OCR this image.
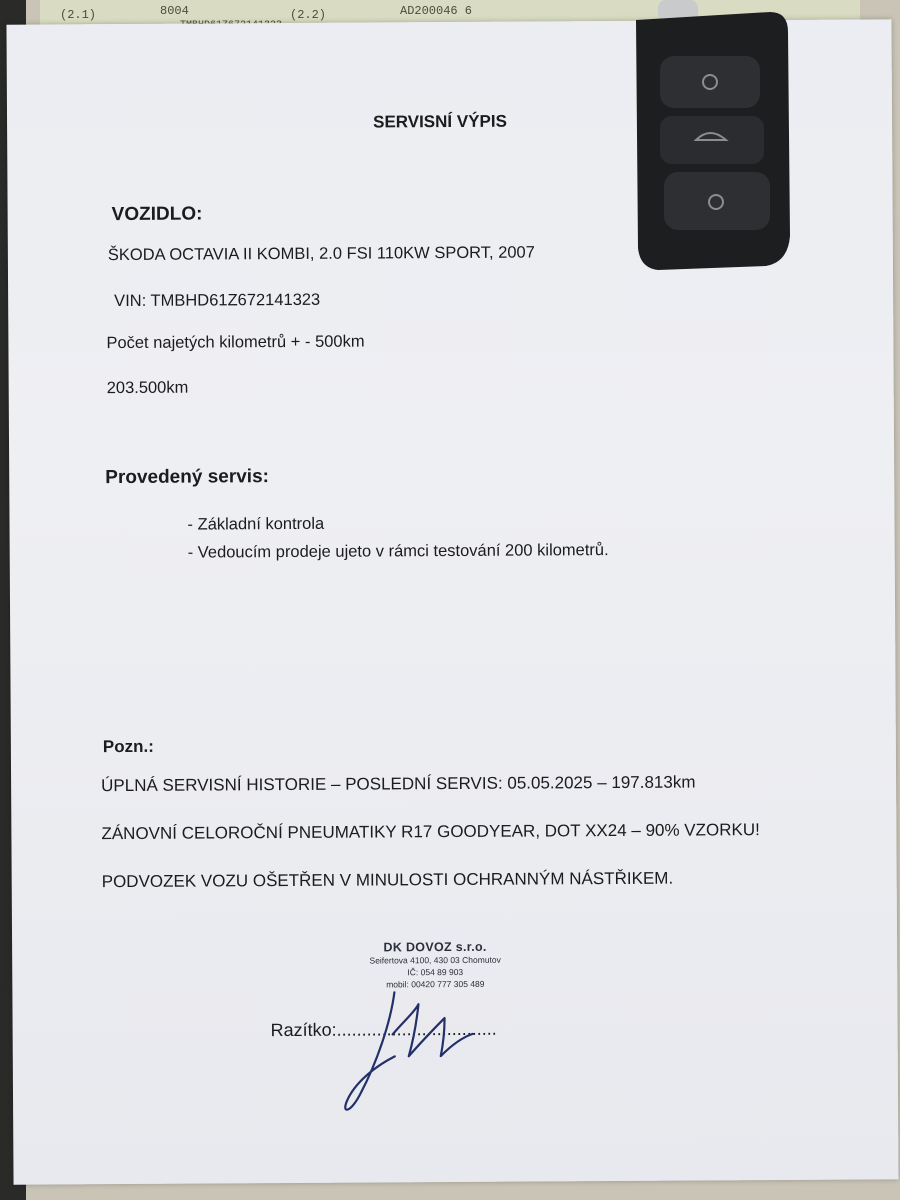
(2.1)	8004	(2.2)	AD200046 6
SERVISNÍ VÝPIS
VOZIDLO:
ŠKODA OCTAVIA II KOMBI, 2.0 FSI 110KW SPORT, 2007
VIN: TMBHD61Z672141323
Počet najetých kilometrů + - 500km
203.500km
Provedený servis:
- Základní kontrola
- Vedoucím prodeje ujeto v rámci testování 200 kilometrů.
Pozn.:
ÚPLNÁ SERVISNÍ HISTORIE – POSLEDNÍ SERVIS: 05.05.2025 – 197.813km
ZÁNOVNÍ CELOROČNÍ PNEUMATIKY R17 GOODYEAR, DOT XX24 – 90% VZORKU!
PODVOZEK VOZU OŠETŘEN V MINULOSTI OCHRANNÝM NÁSTŘIKEM.
DK DOVOZ s.r.o.
Seifertova 4100, 430 03 Chomutov
IČ: 054 89 903
mobil: 00420 777 305 489
Razítko:................................
